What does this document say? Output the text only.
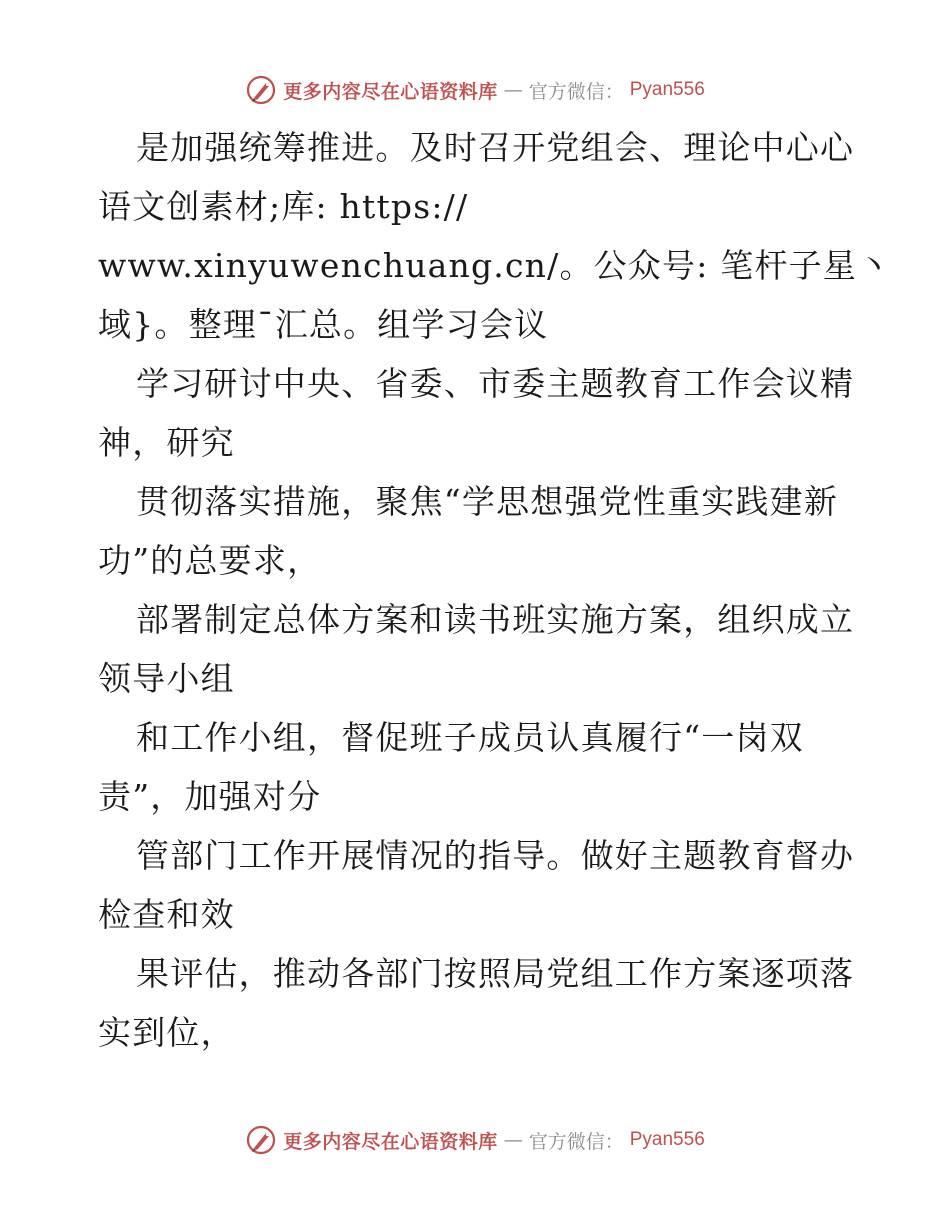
更多内容尽在心语资料库 — 官方微信： Pyan556
是加强统筹推进。及时召开党组会、理论中心心
语文创素材;库: https://
www.xinyuwenchuang.cn/。公众号: 笔杆子星丶
域}。整理¯汇总。组学习会议
学习研讨中央、省委、市委主题教育工作会议精
神，研究
贯彻落实措施，聚焦“学思想强党性重实践建新
功”的总要求，
部署制定总体方案和读书班实施方案，组织成立
领导小组
和工作小组，督促班子成员认真履行“一岗双
责”，加强对分
管部门工作开展情况的指导。做好主题教育督办
检查和效
果评估，推动各部门按照局党组工作方案逐项落
实到位，
更多内容尽在心语资料库 — 官方微信： Pyan556
